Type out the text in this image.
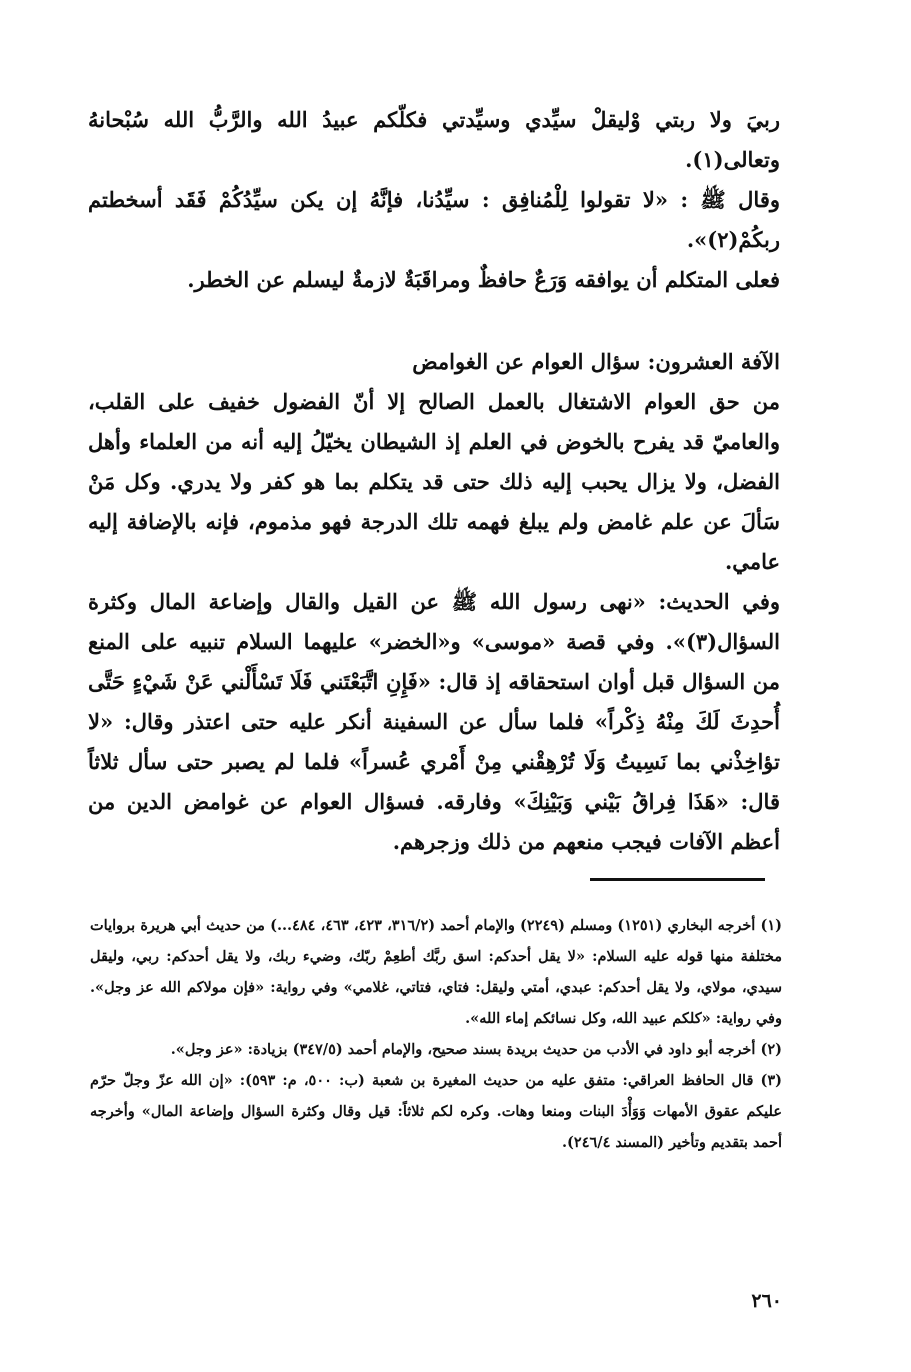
ربيَ ولا ربتي وْليقلْ سيِّدي وسيِّدتي فكلّكم عبيدُ الله والرَّبُّ الله سُبْحانهُ وتعالى(١).

وقال ﷺ : «لا تقولوا لِلْمُنافِق : سيِّدُنا، فإنَّهُ إن يكن سيِّدُكُمْ فَقَد أسخطتم ربكُمْ(٢)».

فعلى المتكلم أن يوافقه وَرَعٌ حافظٌ ومراقَبَةٌ لازمةٌ ليسلم عن الخطر.

الآفة العشرون: سؤال العوام عن الغوامض

من حق العوام الاشتغال بالعمل الصالح إلا أنّ الفضول خفيف على القلب، والعاميّ قد يفرح بالخوض في العلم إذ الشيطان يخيّلُ إليه أنه من العلماء وأهل الفضل، ولا يزال يحبب إليه ذلك حتى قد يتكلم بما هو كفر ولا يدري. وكل مَنْ سَألَ عن علم غامض ولم يبلغ فهمه تلك الدرجة فهو مذموم، فإنه بالإضافة إليه عامي.

وفي الحديث: «نهى رسول الله ﷺ عن القيل والقال وإضاعة المال وكثرة السؤال(٣)». وفي قصة «موسى» و«الخضر» عليهما السلام تنبيه على المنع من السؤال قبل أوان استحقاقه إذ قال: «فَإِنِ اتَّبَعْتَني فَلَا تَسْأَلْني عَنْ شَيْءٍ حَتَّى أُحدِثَ لَكَ مِنْهُ ذِكْراً» فلما سأل عن السفينة أنكر عليه حتى اعتذر وقال: «لا تؤاخِذْني بما نَسِيتُ وَلَا تُرْهِقْني مِنْ أَمْري عُسراً» فلما لم يصبر حتى سأل ثلاثاً قال: «هَذَا فِراقُ بَيْني وَبَيْنِكَ» وفارقه. فسؤال العوام عن غوامض الدين من أعظم الآفات فيجب منعهم من ذلك وزجرهم.

(١) أخرجه البخاري (١٢٥١) ومسلم (٢٢٤٩) والإمام أحمد (٣١٦/٢، ٤٢٣، ٤٦٣، ٤٨٤...) من حديث أبي هريرة بروايات مختلفة منها قوله عليه السلام: «لا يقل أحدكم: اسق ربَّك أطعِمْ ربّك، وضيء ربك، ولا يقل أحدكم: ربي، وليقل سيدي، مولاي، ولا يقل أحدكم: عبدي، أمتي وليقل: فتاي، فتاتي، غلامي» وفي رواية: «فإن مولاكم الله عز وجل». وفي رواية: «كلكم عبيد الله، وكل نسائكم إماء الله».

(٢) أخرجه أبو داود في الأدب من حديث بريدة بسند صحيح، والإمام أحمد (٣٤٧/٥) بزيادة: «عز وجل».

(٣) قال الحافظ العراقي: متفق عليه من حديث المغيرة بن شعبة (ب: ٥٠٠، م: ٥٩٣): «إن الله عزّ وجلّ حرّم عليكم عقوق الأمهات وَوَأْدَ البنات ومنعا وهات. وكره لكم ثلاثاً: قيل وقال وكثرة السؤال وإضاعة المال» وأخرجه أحمد بتقديم وتأخير (المسند ٢٤٦/٤).

٢٦٠
